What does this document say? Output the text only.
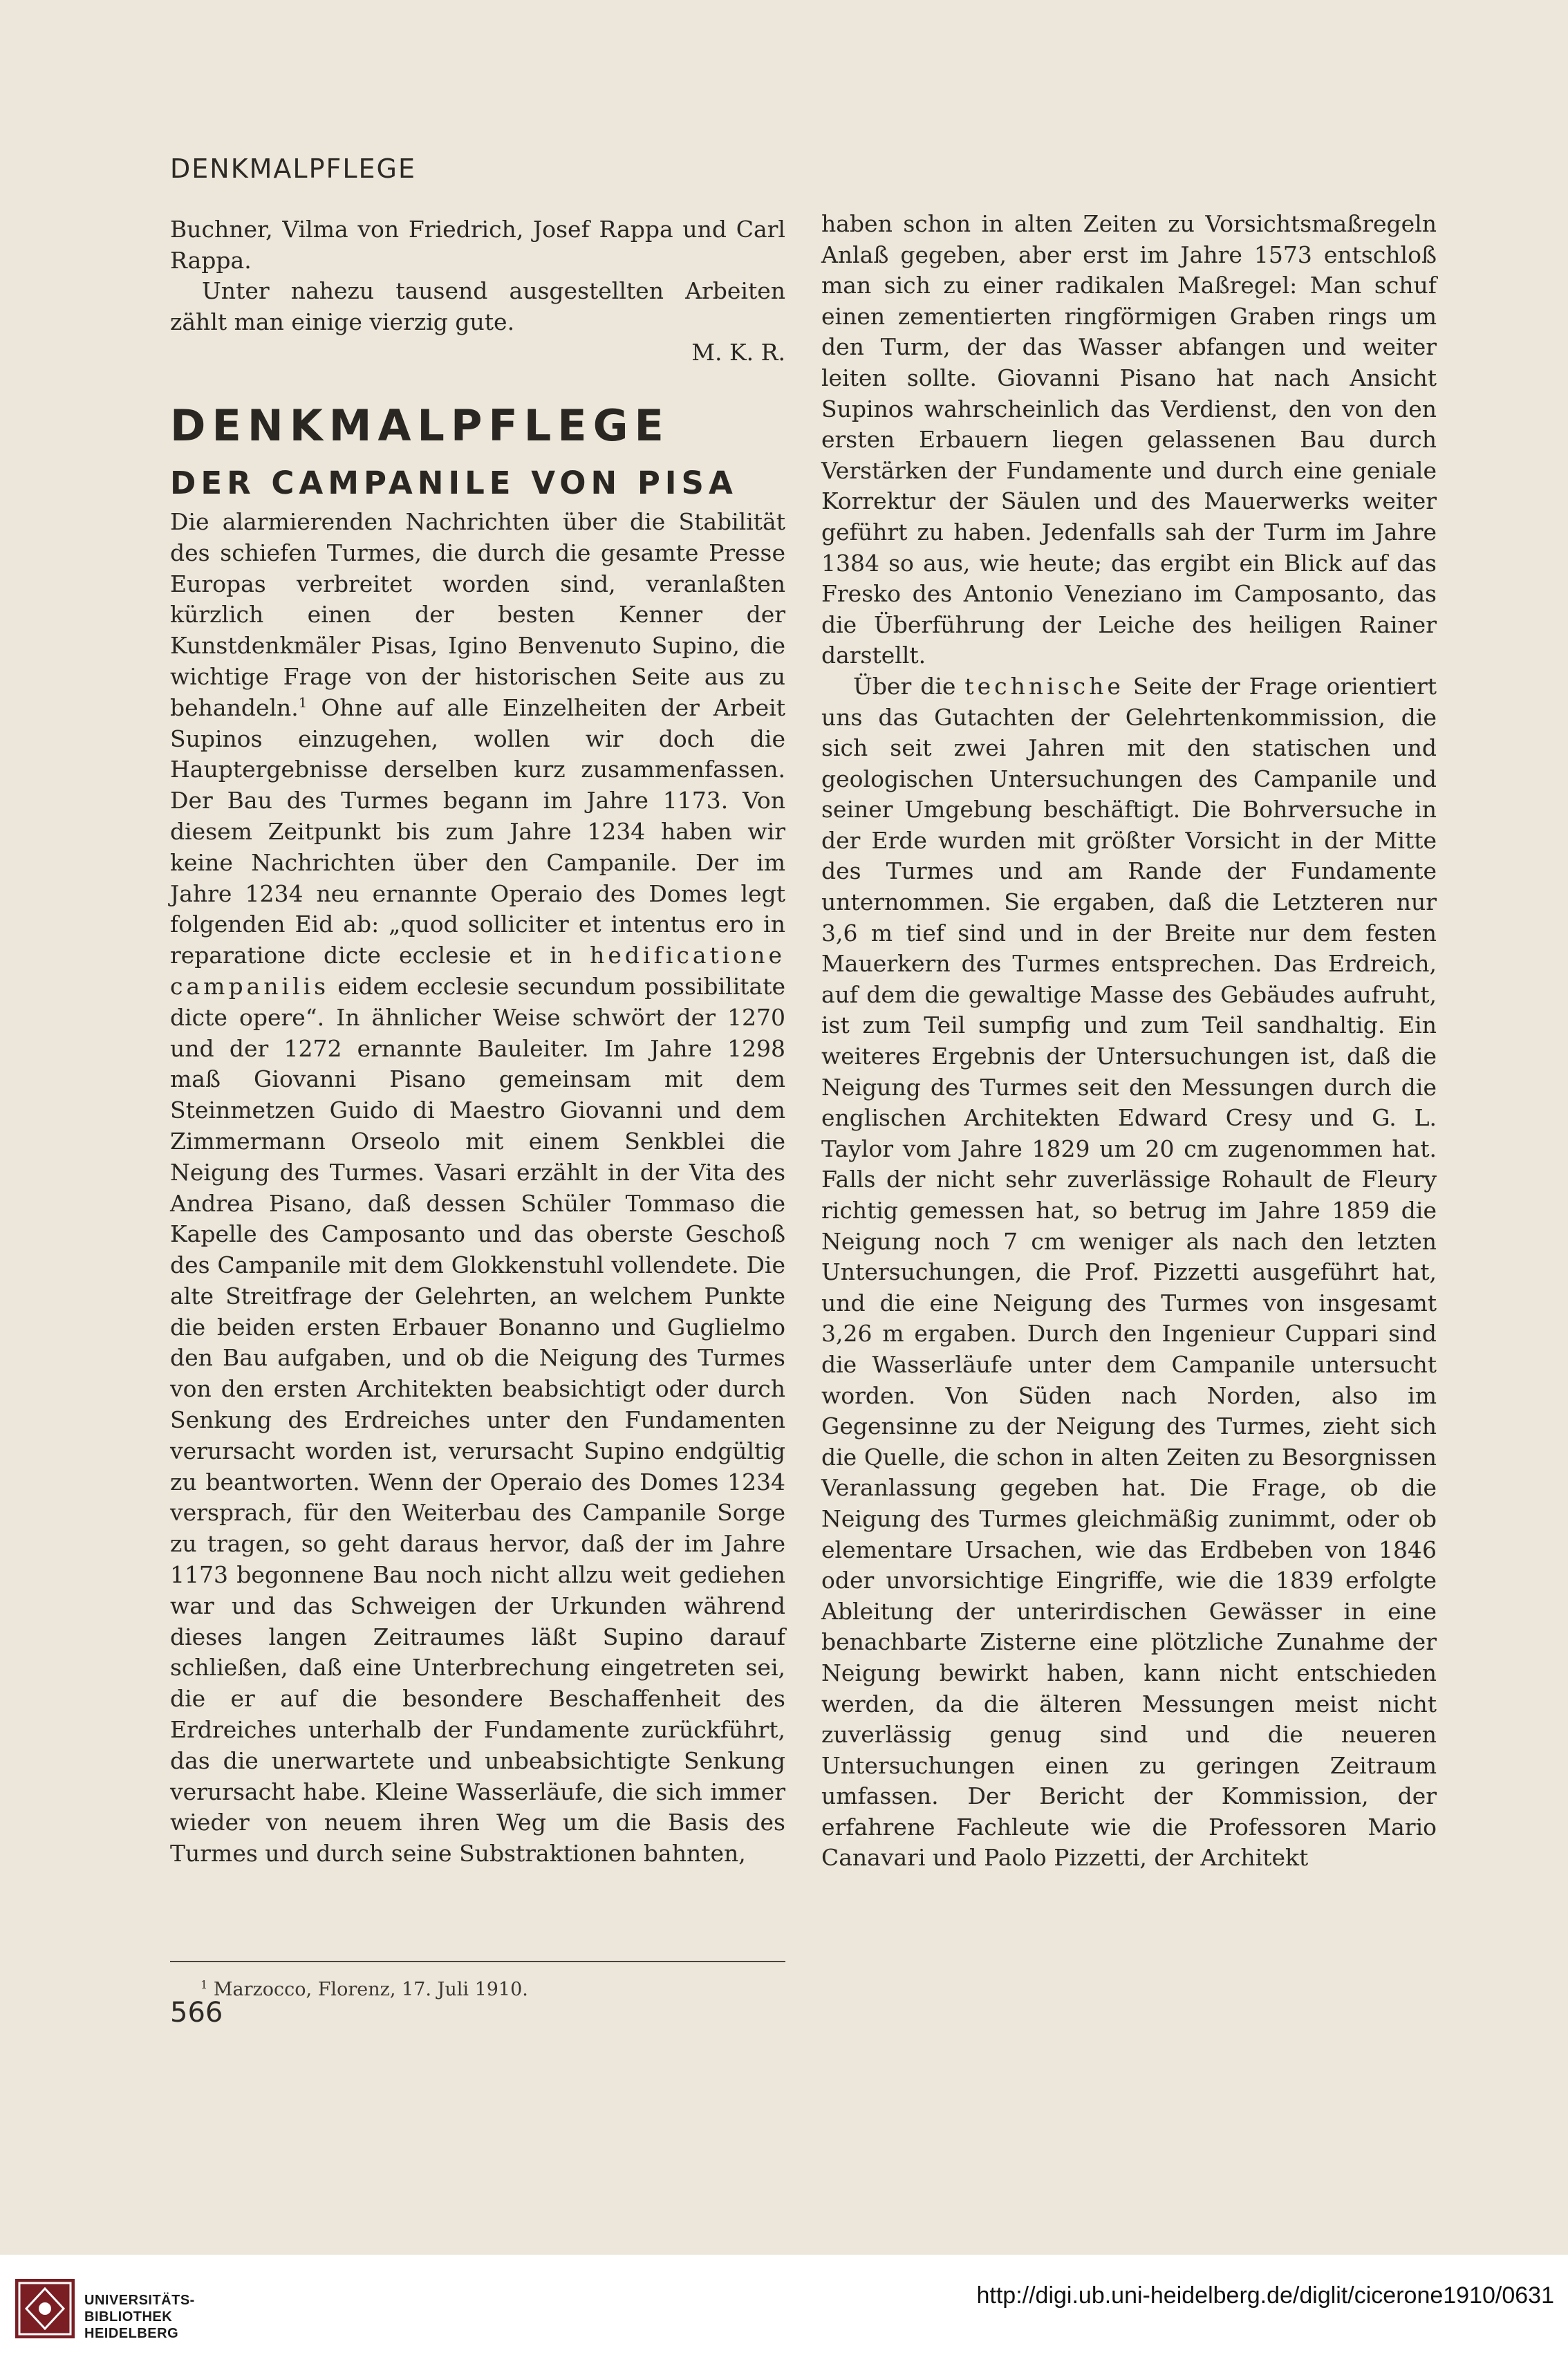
DENKMALPFLEGE

Buchner, Vilma von Friedrich, Josef Rappa und Carl Rappa.

Unter nahezu tausend ausgestellten Arbeiten zählt man einige vierzig gute.

M. K. R.
DENKMALPFLEGE
DER CAMPANILE VON PISA

Die alarmierenden Nachrichten über die Stabilität des schiefen Turmes, die durch die gesamte Presse Europas verbreitet worden sind, veranlaßten kürzlich einen der besten Kenner der Kunstdenkmäler Pisas, Igino Benvenuto Supino, die wichtige Frage von der historischen Seite aus zu behandeln.$^1$ Ohne auf alle Einzelheiten der Arbeit Supinos einzugehen, wollen wir doch die Hauptergebnisse derselben kurz zusammenfassen. Der Bau des Turmes begann im Jahre 1173. Von diesem Zeitpunkt bis zum Jahre 1234 haben wir keine Nachrichten über den Campanile. Der im Jahre 1234 neu ernannte Operaio des Domes legt folgenden Eid ab: „quod solliciter et intentus ero in reparatione dicte ecclesie et in hedificatione campanilis eidem ecclesie secundum possibilitate dicte opere“. In ähnlicher Weise schwört der 1270 und der 1272 ernannte Bauleiter. Im Jahre 1298 maß Giovanni Pisano gemeinsam mit dem Steinmetzen Guido di Maestro Giovanni und dem Zimmermann Orseolo mit einem Senkblei die Neigung des Turmes. Vasari erzählt in der Vita des Andrea Pisano, daß dessen Schüler Tommaso die Kapelle des Camposanto und das oberste Geschoß des Campanile mit dem Glokkenstuhl vollendete. Die alte Streitfrage der Gelehrten, an welchem Punkte die beiden ersten Erbauer Bonanno und Guglielmo den Bau aufgaben, und ob die Neigung des Turmes von den ersten Architekten beabsichtigt oder durch Senkung des Erdreiches unter den Fundamenten verursacht worden ist, verursacht Supino endgültig zu beantworten. Wenn der Operaio des Domes 1234 versprach, für den Weiterbau des Campanile Sorge zu tragen, so geht daraus hervor, daß der im Jahre 1173 begonnene Bau noch nicht allzu weit gediehen war und das Schweigen der Urkunden während dieses langen Zeitraumes läßt Supino darauf schließen, daß eine Unterbrechung eingetreten sei, die er auf die besondere Beschaffenheit des Erdreiches unterhalb der Fundamente zurückführt, das die unerwartete und unbeabsichtigte Senkung verursacht habe. Kleine Wasserläufe, die sich immer wieder von neuem ihren Weg um die Basis des Turmes und durch seine Substraktionen bahnten,

haben schon in alten Zeiten zu Vorsichtsmaßregeln Anlaß gegeben, aber erst im Jahre 1573 entschloß man sich zu einer radikalen Maßregel: Man schuf einen zementierten ringförmigen Graben rings um den Turm, der das Wasser abfangen und weiter leiten sollte. Giovanni Pisano hat nach Ansicht Supinos wahrscheinlich das Verdienst, den von den ersten Erbauern liegen gelassenen Bau durch Verstärken der Fundamente und durch eine geniale Korrektur der Säulen und des Mauerwerks weiter geführt zu haben. Jedenfalls sah der Turm im Jahre 1384 so aus, wie heute; das ergibt ein Blick auf das Fresko des Antonio Veneziano im Camposanto, das die Überführung der Leiche des heiligen Rainer darstellt.

Über die technische Seite der Frage orientiert uns das Gutachten der Gelehrtenkommission, die sich seit zwei Jahren mit den statischen und geologischen Untersuchungen des Campanile und seiner Umgebung beschäftigt. Die Bohrversuche in der Erde wurden mit größter Vorsicht in der Mitte des Turmes und am Rande der Fundamente unternommen. Sie ergaben, daß die Letzteren nur 3,6 m tief sind und in der Breite nur dem festen Mauerkern des Turmes entsprechen. Das Erdreich, auf dem die gewaltige Masse des Gebäudes aufruht, ist zum Teil sumpfig und zum Teil sandhaltig. Ein weiteres Ergebnis der Untersuchungen ist, daß die Neigung des Turmes seit den Messungen durch die englischen Architekten Edward Cresy und G. L. Taylor vom Jahre 1829 um 20 cm zugenommen hat. Falls der nicht sehr zuverlässige Rohault de Fleury richtig gemessen hat, so betrug im Jahre 1859 die Neigung noch 7 cm weniger als nach den letzten Untersuchungen, die Prof. Pizzetti ausgeführt hat, und die eine Neigung des Turmes von insgesamt 3,26 m ergaben. Durch den Ingenieur Cuppari sind die Wasserläufe unter dem Campanile untersucht worden. Von Süden nach Norden, also im Gegensinne zu der Neigung des Turmes, zieht sich die Quelle, die schon in alten Zeiten zu Besorgnissen Veranlassung gegeben hat. Die Frage, ob die Neigung des Turmes gleichmäßig zunimmt, oder ob elementare Ursachen, wie das Erdbeben von 1846 oder unvorsichtige Eingriffe, wie die 1839 erfolgte Ableitung der unterirdischen Gewässer in eine benachbarte Zisterne eine plötzliche Zunahme der Neigung bewirkt haben, kann nicht entschieden werden, da die älteren Messungen meist nicht zuverlässig genug sind und die neueren Untersuchungen einen zu geringen Zeitraum umfassen. Der Bericht der Kommission, der erfahrene Fachleute wie die Professoren Mario Canavari und Paolo Pizzetti, der Architekt

$^1$ Marzocco, Florenz, 17. Juli 1910.
566
UNIVERSITÄTS-
BIBLIOTHEK
HEIDELBERG
http://digi.ub.uni-heidelberg.de/diglit/cicerone1910/0631
